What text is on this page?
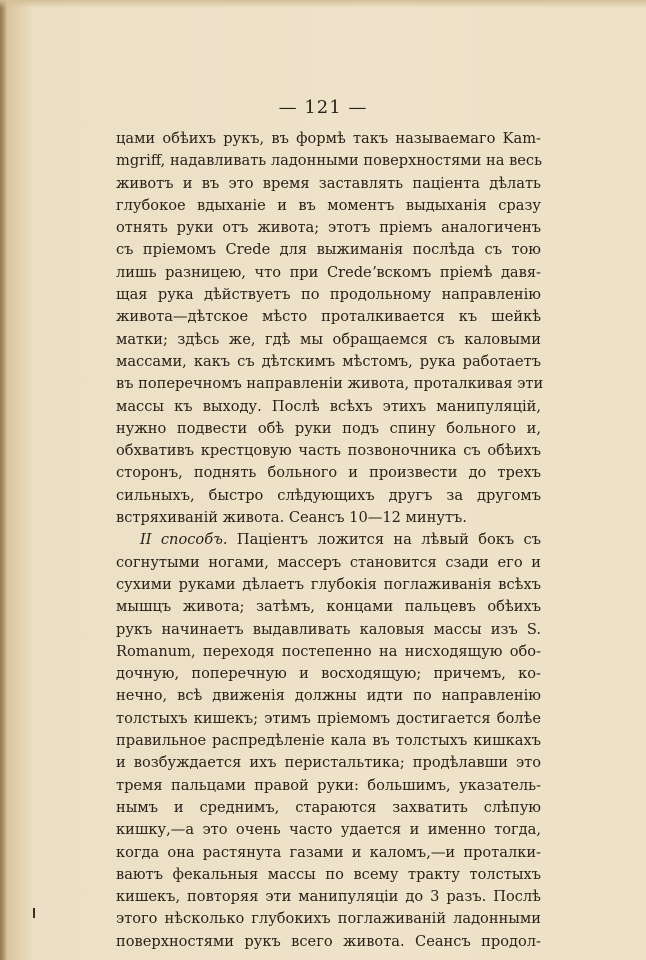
— 121 —
цами обѣихъ рукъ, въ формѣ такъ называемаго Kam-
mgriff, надавливать ладонными поверхностями на весь
животъ и въ это время заставлять паціента дѣлать
глубокое вдыханіе и въ моментъ выдыханія сразу
отнять руки отъ живота; этотъ пріемъ аналогиченъ
съ пріемомъ Crede для выжиманія послѣда съ тою
лишь разницею, что при Credeʼвскомъ пріемѣ давя-
щая рука дѣйствуетъ по продольному направленію
живота—дѣтское мѣсто проталкивается къ шейкѣ
матки; здѣсь же, гдѣ мы обращаемся съ каловыми
массами, какъ съ дѣтскимъ мѣстомъ, рука работаетъ
въ поперечномъ направленіи живота, проталкивая эти
массы къ выходу. Послѣ всѣхъ этихъ манипуляцій,
нужно подвести обѣ руки подъ спину больного и,
обхвативъ крестцовую часть позвоночника съ обѣихъ
сторонъ, поднять больного и произвести до трехъ
сильныхъ, быстро слѣдующихъ другъ за другомъ
встряхиваній живота. Сеансъ 10—12 минутъ.
II способъ. Паціентъ ложится на лѣвый бокъ съ
согнутыми ногами, массеръ становится сзади его и
сухими руками дѣлаетъ глубокія поглаживанія всѣхъ
мышцъ живота; затѣмъ, концами пальцевъ обѣихъ
рукъ начинаетъ выдавливать каловыя массы изъ S.
Romanum, переходя постепенно на нисходящую обо-
дочную, поперечную и восходящую; причемъ, ко-
нечно, всѣ движенія должны идти по направленію
толстыхъ кишекъ; этимъ пріемомъ достигается болѣе
правильное распредѣленіе кала въ толстыхъ кишкахъ
и возбуждается ихъ перистальтика; продѣлавши это
тремя пальцами правой руки: большимъ, указатель-
нымъ и среднимъ, стараются захватить слѣпую
кишку,—а это очень часто удается и именно тогда,
когда она растянута газами и каломъ,—и проталки-
ваютъ фекальныя массы по всему тракту толстыхъ
кишекъ, повторяя эти манипуляціи до 3 разъ. Послѣ
этого нѣсколько глубокихъ поглаживаній ладонными
поверхностями рукъ всего живота. Сеансъ продол-
